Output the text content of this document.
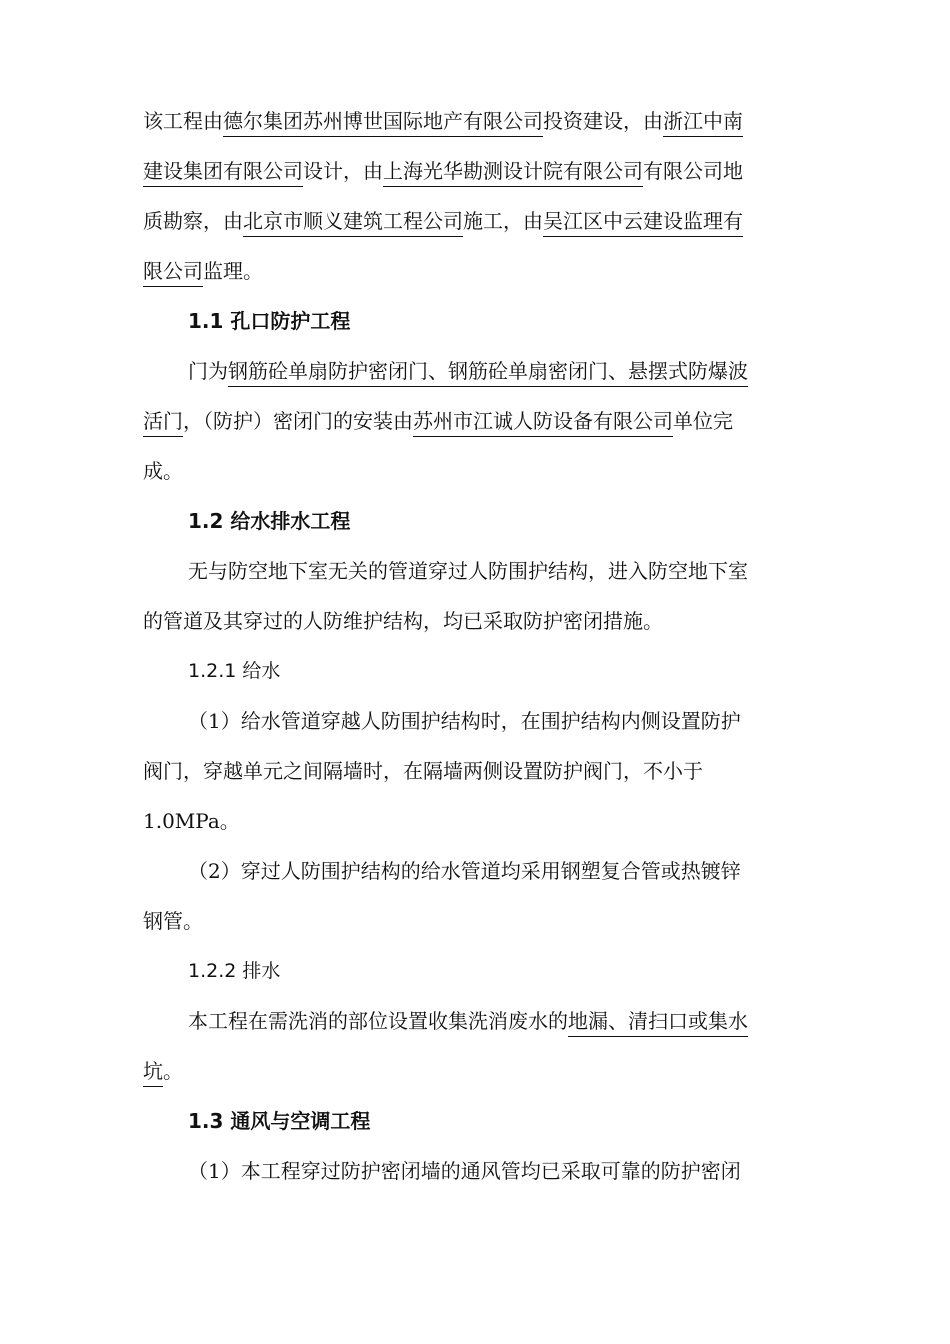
该工程由德尔集团苏州博世国际地产有限公司投资建设，由浙江中南
建设集团有限公司设计，由上海光华勘测设计院有限公司有限公司地
质勘察，由北京市顺义建筑工程公司施工，由吴江区中云建设监理有
限公司监理。
1.1 孔口防护工程
门为钢筋砼单扇防护密闭门、钢筋砼单扇密闭门、悬摆式防爆波
活门，（防护）密闭门的安装由苏州市江诚人防设备有限公司单位完
成。
1.2 给水排水工程
无与防空地下室无关的管道穿过人防围护结构，进入防空地下室
的管道及其穿过的人防维护结构，均已采取防护密闭措施。
1.2.1 给水
（1）给水管道穿越人防围护结构时，在围护结构内侧设置防护
阀门，穿越单元之间隔墙时，在隔墙两侧设置防护阀门，不小于
1.0MPa。
（2）穿过人防围护结构的给水管道均采用钢塑复合管或热镀锌
钢管。
1.2.2 排水
本工程在需洗消的部位设置收集洗消废水的地漏、清扫口或集水
坑。
1.3 通风与空调工程
（1）本工程穿过防护密闭墙的通风管均已采取可靠的防护密闭
